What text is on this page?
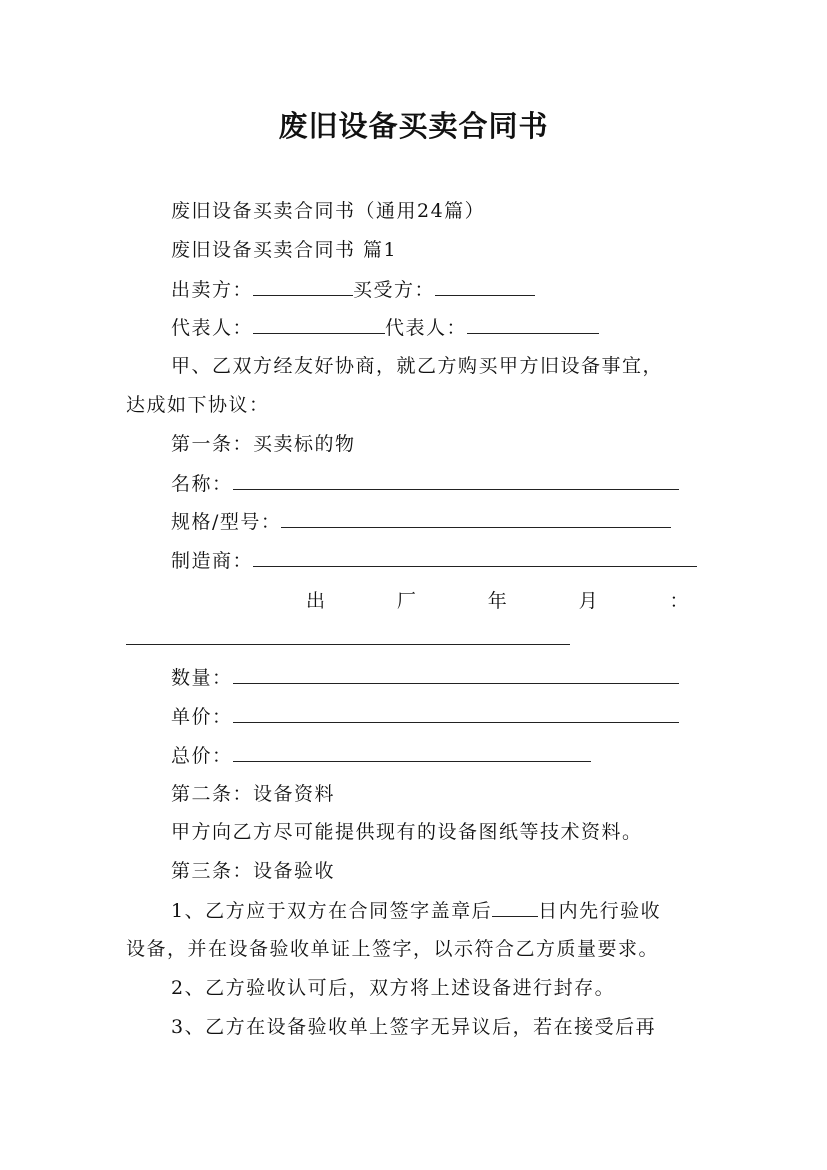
废旧设备买卖合同书
废旧设备买卖合同书（通用24篇）
废旧设备买卖合同书 篇1
出卖方：	买受方：
代表人：	代表人：
甲、乙双方经友好协商，就乙方购买甲方旧设备事宜，
达成如下协议：
第一条：买卖标的物
名称：
规格/型号：
制造商：
出	厂	年	月	：
数量：
单价：
总价：
第二条：设备资料
甲方向乙方尽可能提供现有的设备图纸等技术资料。
第三条：设备验收
1、乙方应于双方在合同签字盖章后 日内先行验收
设备，并在设备验收单证上签字，以示符合乙方质量要求。
2、乙方验收认可后，双方将上述设备进行封存。
3、乙方在设备验收单上签字无异议后，若在接受后再
